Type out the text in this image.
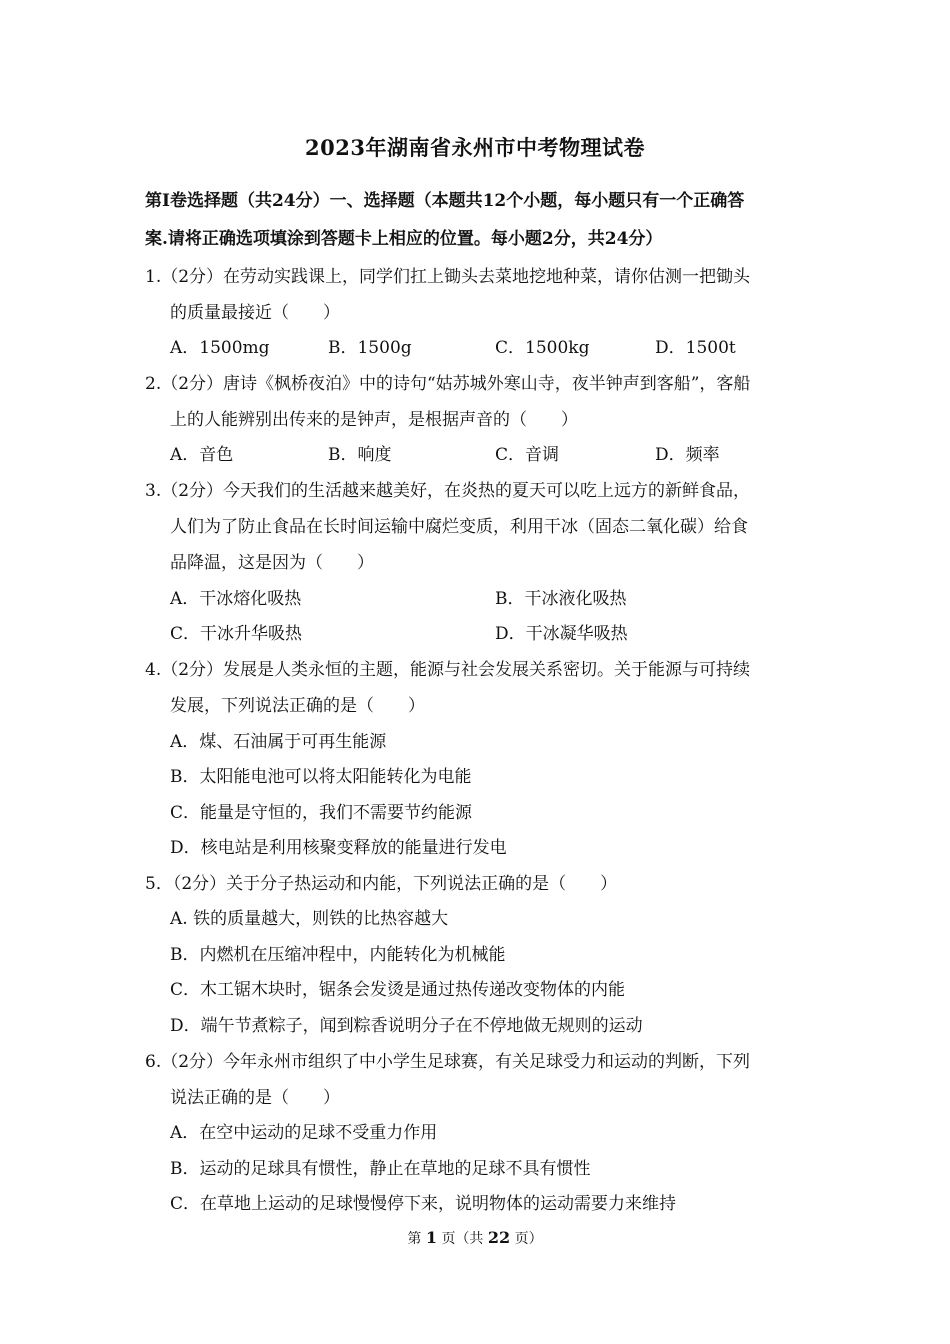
2023年湖南省永州市中考物理试卷
第Ⅰ卷选择题（共24分）一、选择题（本题共12个小题，每小题只有一个正确答
案.请将正确选项填涂到答题卡上相应的位置。每小题2分，共24分）
1.（2分）在劳动实践课上，同学们扛上锄头去菜地挖地种菜，请你估测一把锄头
的质量最接近（　　）
A．1500mg	B．1500g	C．1500kg	D．1500t
2.（2分）唐诗《枫桥夜泊》中的诗句“姑苏城外寒山寺，夜半钟声到客船”，客船
上的人能辨别出传来的是钟声，是根据声音的（　　）
A．音色	B．响度	C．音调	D．频率
3.（2分）今天我们的生活越来越美好，在炎热的夏天可以吃上远方的新鲜食品，
人们为了防止食品在长时间运输中腐烂变质，利用干冰（固态二氧化碳）给食
品降温，这是因为（　　）
A．干冰熔化吸热	B．干冰液化吸热
C．干冰升华吸热	D．干冰凝华吸热
4.（2分）发展是人类永恒的主题，能源与社会发展关系密切。关于能源与可持续
发展，下列说法正确的是（　　）
A．煤、石油属于可再生能源
B．太阳能电池可以将太阳能转化为电能
C．能量是守恒的，我们不需要节约能源
D．核电站是利用核聚变释放的能量进行发电
5．（2分）关于分子热运动和内能，下列说法正确的是（　　）
A. 铁的质量越大，则铁的比热容越大
B．内燃机在压缩冲程中，内能转化为机械能
C．木工锯木块时，锯条会发烫是通过热传递改变物体的内能
D．端午节煮粽子，闻到粽香说明分子在不停地做无规则的运动
6.（2分）今年永州市组织了中小学生足球赛，有关足球受力和运动的判断，下列
说法正确的是（　　）
A．在空中运动的足球不受重力作用
B．运动的足球具有惯性，静止在草地的足球不具有惯性
C．在草地上运动的足球慢慢停下来，说明物体的运动需要力来维持
第 1 页（共 22 页）
